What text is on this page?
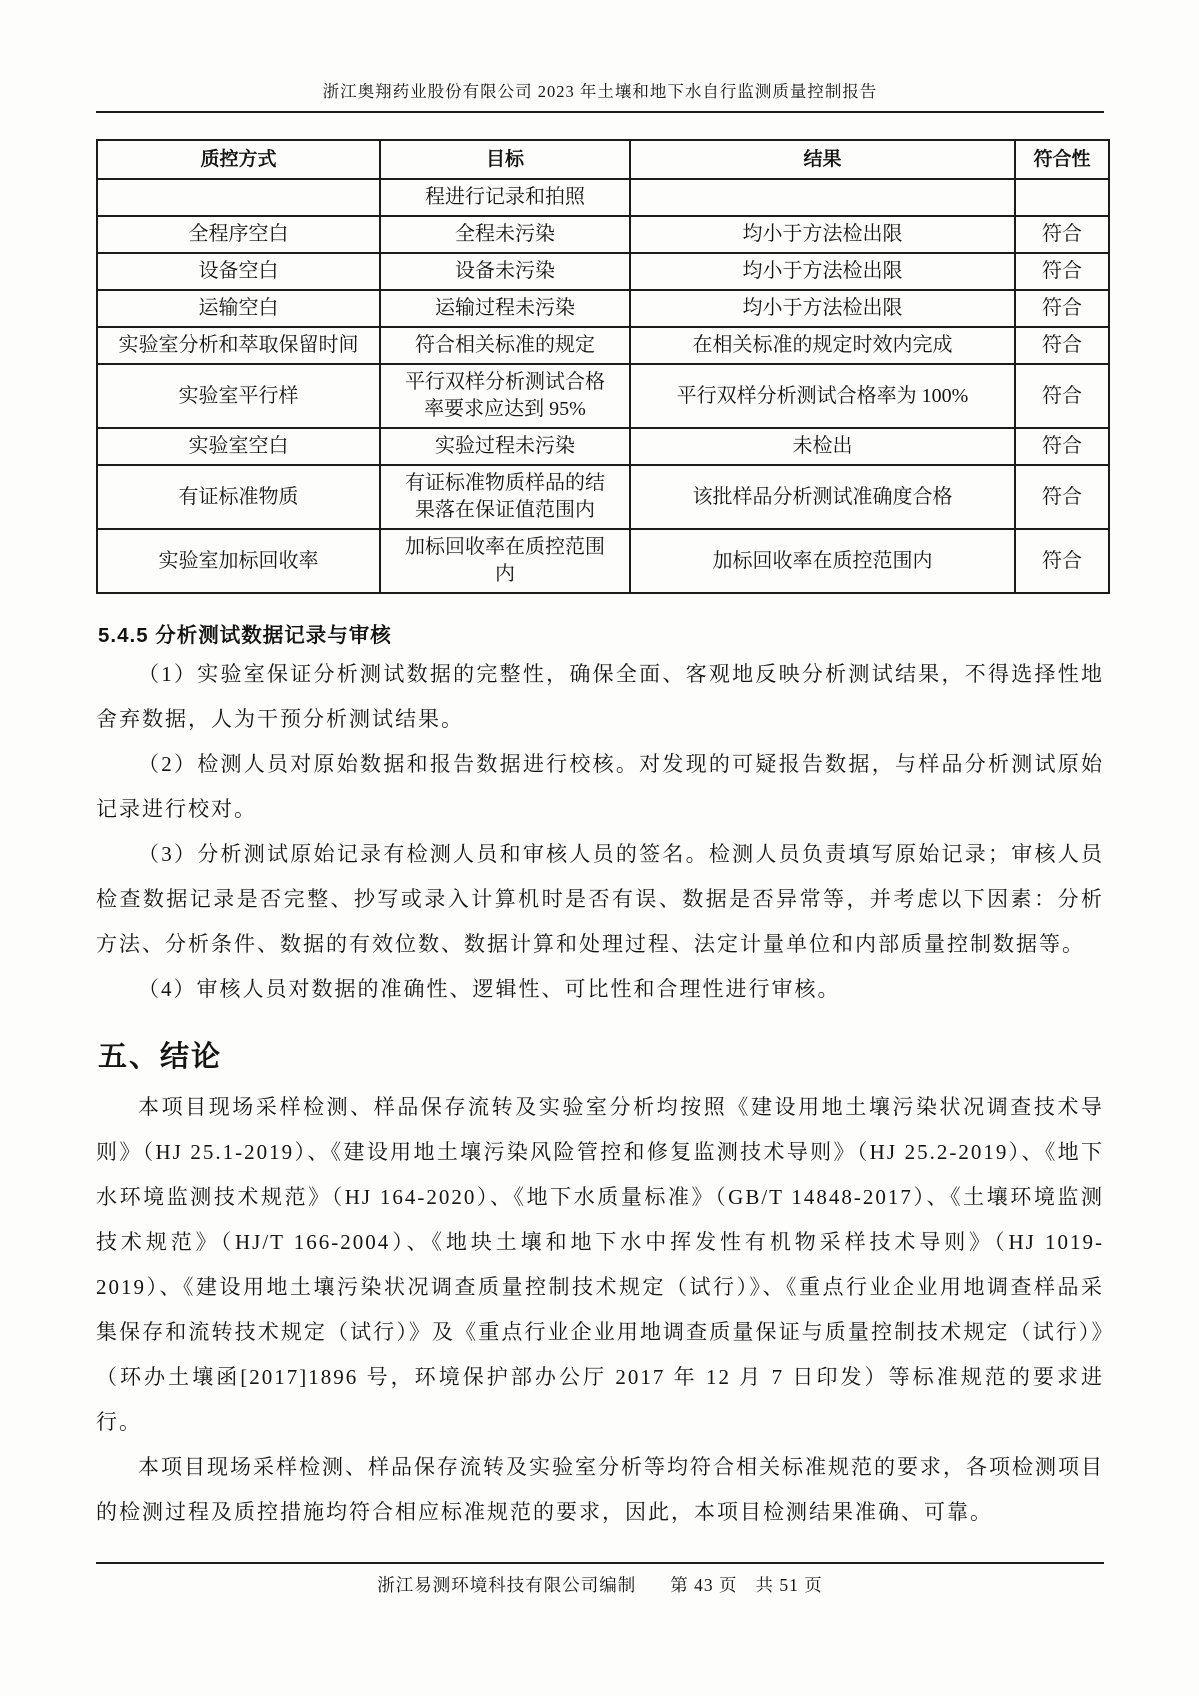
浙江奥翔药业股份有限公司 2023 年土壤和地下水自行监测质量控制报告
质控方式	目标	结果	符合性
	程进行记录和拍照		
全程序空白	全程未污染	均小于方法检出限	符合
设备空白	设备未污染	均小于方法检出限	符合
运输空白	运输过程未污染	均小于方法检出限	符合
实验室分析和萃取保留时间	符合相关标准的规定	在相关标准的规定时效内完成	符合
实验室平行样	平行双样分析测试合格率要求应达到 95%	平行双样分析测试合格率为 100%	符合
实验室空白	实验过程未污染	未检出	符合
有证标准物质	有证标准物质样品的结果落在保证值范围内	该批样品分析测试准确度合格	符合
实验室加标回收率	加标回收率在质控范围内	加标回收率在质控范围内	符合
5.4.5 分析测试数据记录与审核

（1）实验室保证分析测试数据的完整性，确保全面、客观地反映分析测试结果，不得选择性地舍弃数据，人为干预分析测试结果。

（2）检测人员对原始数据和报告数据进行校核。对发现的可疑报告数据，与样品分析测试原始记录进行校对。

（3）分析测试原始记录有检测人员和审核人员的签名。检测人员负责填写原始记录；审核人员检查数据记录是否完整、抄写或录入计算机时是否有误、数据是否异常等，并考虑以下因素：分析方法、分析条件、数据的有效位数、数据计算和处理过程、法定计量单位和内部质量控制数据等。

（4）审核人员对数据的准确性、逻辑性、可比性和合理性进行审核。

五、结论

本项目现场采样检测、样品保存流转及实验室分析均按照《建设用地土壤污染状况调查技术导则》（HJ 25.1-2019）、《建设用地土壤污染风险管控和修复监测技术导则》（HJ 25.2-2019）、《地下水环境监测技术规范》（HJ 164-2020）、《地下水质量标准》（GB/T 14848-2017）、《土壤环境监测技术规范》（HJ/T 166-2004）、《地块土壤和地下水中挥发性有机物采样技术导则》（HJ 1019-2019）、《建设用地土壤污染状况调查质量控制技术规定（试行）》、《重点行业企业用地调查样品采集保存和流转技术规定（试行）》及《重点行业企业用地调查质量保证与质量控制技术规定（试行）》（环办土壤函[2017]1896 号，环境保护部办公厅 2017 年 12 月 7 日印发）等标准规范的要求进行。

本项目现场采样检测、样品保存流转及实验室分析等均符合相关标准规范的要求，各项检测项目的检测过程及质控措施均符合相应标准规范的要求，因此，本项目检测结果准确、可靠。

浙江易测环境科技有限公司编制 第 43 页 共 51 页
